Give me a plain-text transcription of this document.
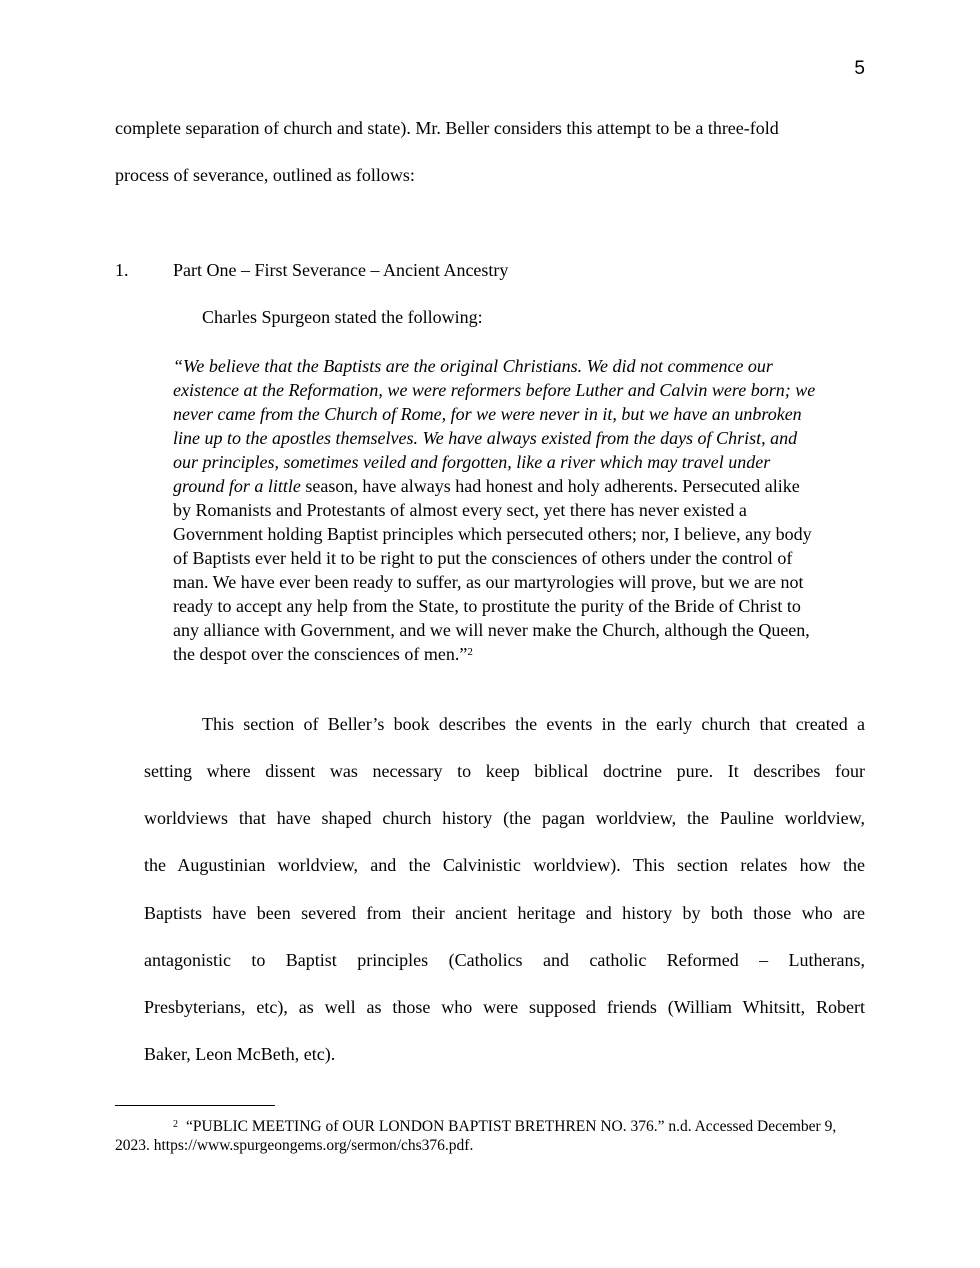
5
complete separation of church and state). Mr. Beller considers this attempt to be a three-fold
process of severance, outlined as follows:
1. Part One – First Severance – Ancient Ancestry
Charles Spurgeon stated the following:
“We believe that the Baptists are the original Christians. We did not commence our
existence at the Reformation, we were reformers before Luther and Calvin were born; we
never came from the Church of Rome, for we were never in it, but we have an unbroken
line up to the apostles themselves. We have always existed from the days of Christ, and
our principles, sometimes veiled and forgotten, like a river which may travel under
ground for a little season, have always had honest and holy adherents. Persecuted alike
by Romanists and Protestants of almost every sect, yet there has never existed a
Government holding Baptist principles which persecuted others; nor, I believe, any body
of Baptists ever held it to be right to put the consciences of others under the control of
man. We have ever been ready to suffer, as our martyrologies will prove, but we are not
ready to accept any help from the State, to prostitute the purity of the Bride of Christ to
any alliance with Government, and we will never make the Church, although the Queen,
the despot over the consciences of men.”$^2$
This section of Beller’s book describes the events in the early church that created a
setting where dissent was necessary to keep biblical doctrine pure. It describes four
worldviews that have shaped church history (the pagan worldview, the Pauline worldview,
the Augustinian worldview, and the Calvinistic worldview). This section relates how the
Baptists have been severed from their ancient heritage and history by both those who are
antagonistic to Baptist principles (Catholics and catholic Reformed – Lutherans,
Presbyterians, etc), as well as those who were supposed friends (William Whitsitt, Robert
Baker, Leon McBeth, etc).
$^2$ “PUBLIC MEETING of OUR LONDON BAPTIST BRETHREN NO. 376.” n.d. Accessed December 9,
2023. https://www.spurgeongems.org/sermon/chs376.pdf.
